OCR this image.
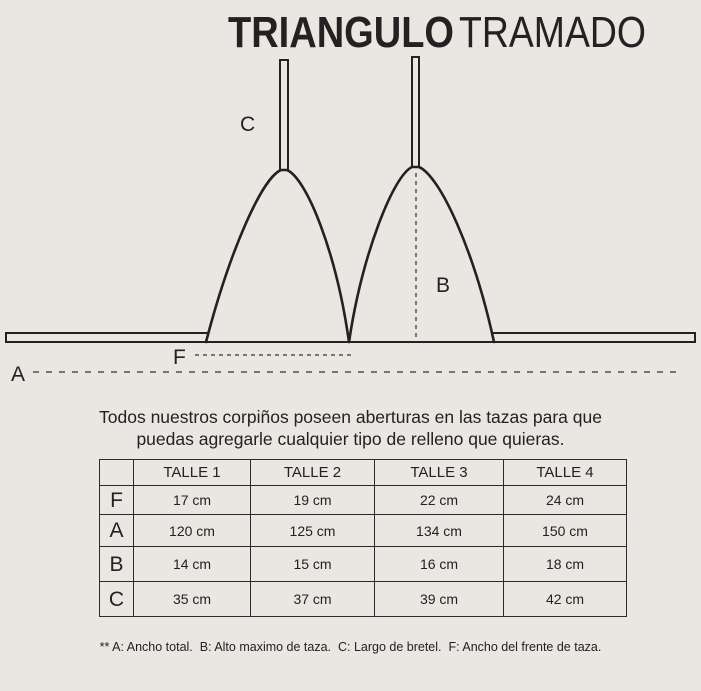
TRIANGULO TRAMADO
C
B
F
A
Todos nuestros corpiños poseen aberturas en las tazas para que
puedas agregarle cualquier tipo de relleno que quieras.
	TALLE 1	TALLE 2	TALLE 3	TALLE 4
F	17 cm	19 cm	22 cm	24 cm
A	120 cm	125 cm	134 cm	150 cm
B	14 cm	15 cm	16 cm	18 cm
C	35 cm	37 cm	39 cm	42 cm
** A: Ancho total.  B: Alto maximo de taza.  C: Largo de bretel.  F: Ancho del frente de taza.
